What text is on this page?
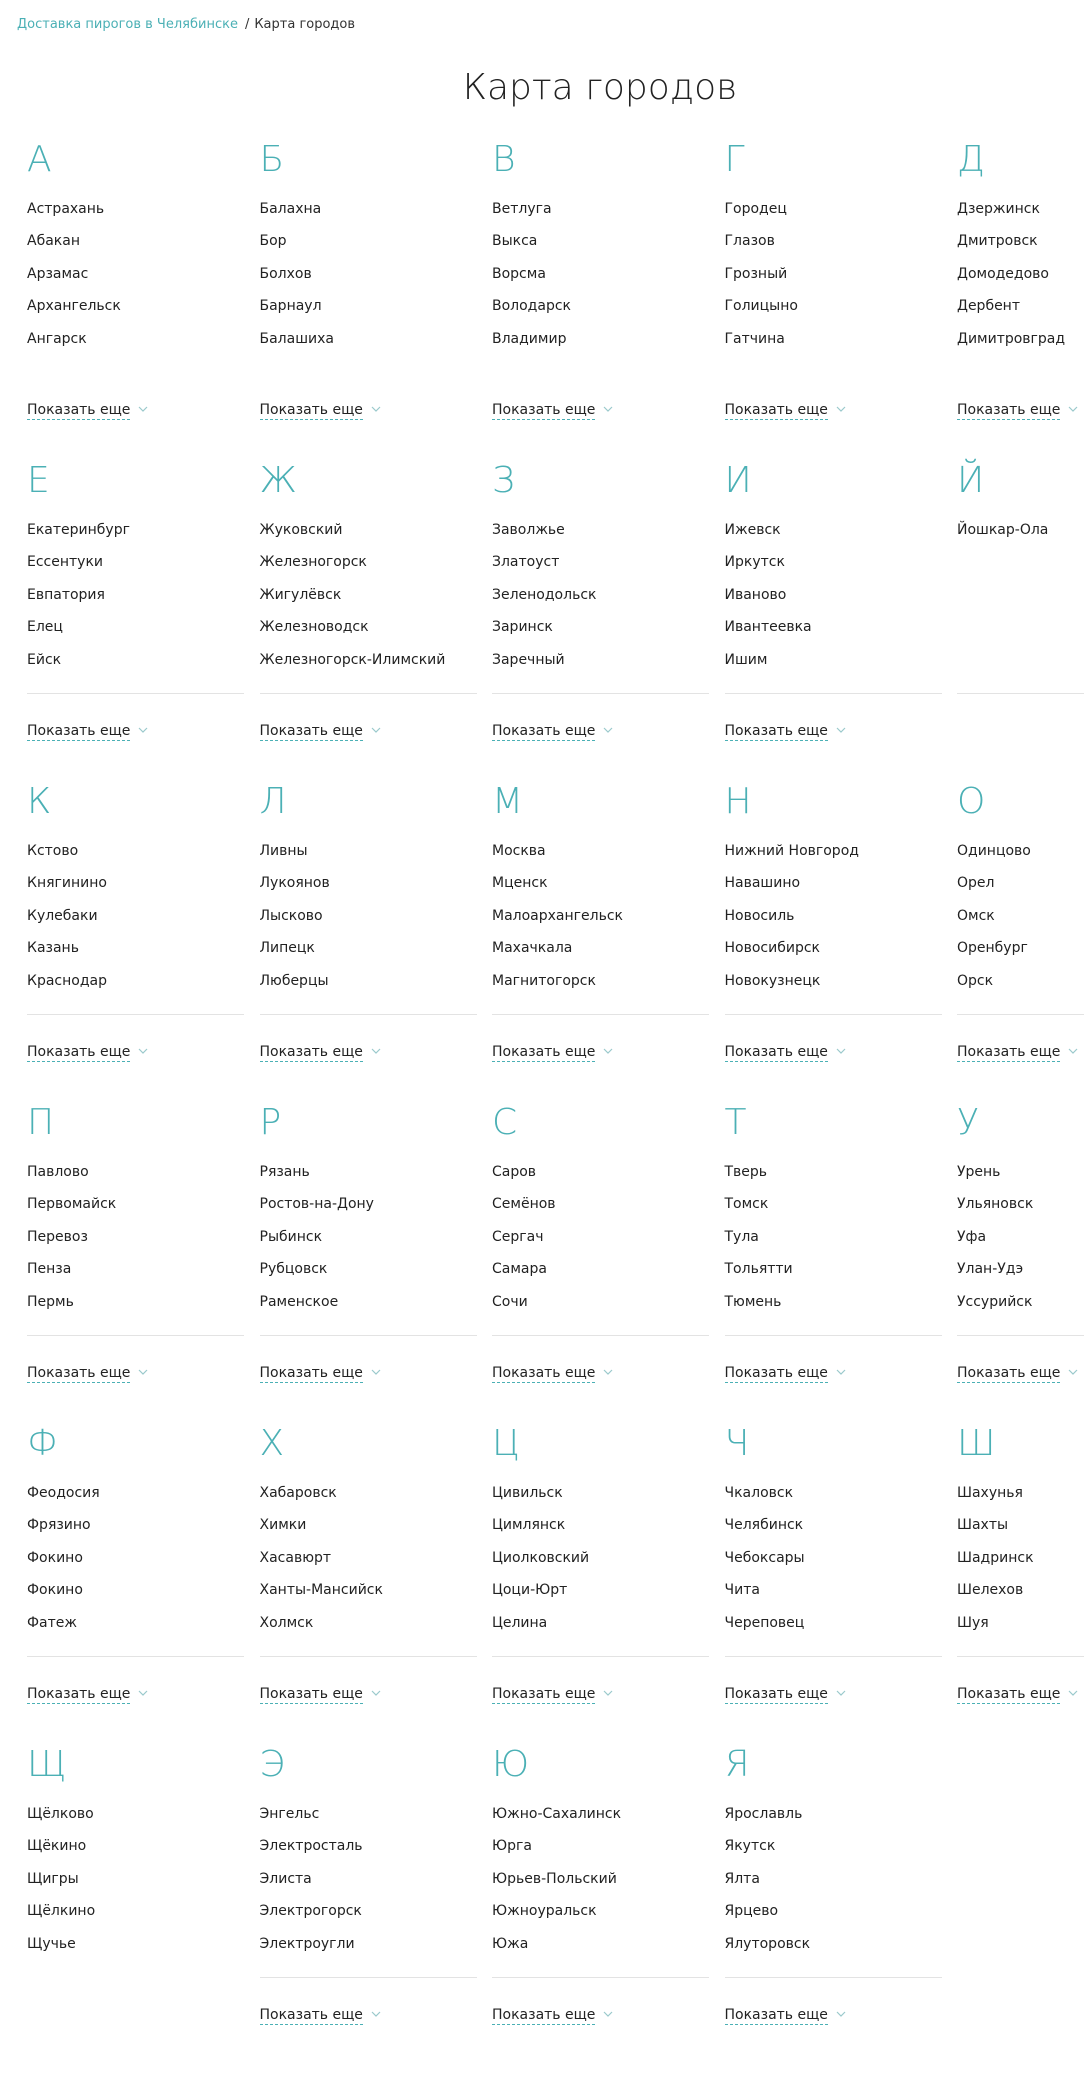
Доставка пирогов в Челябинске / Карта городов
Карта городов
А
Астрахань
Абакан
Арзамас
Архангельск
Ангарск
Показать еще
Б
Балахна
Бор
Болхов
Барнаул
Балашиха
Показать еще
В
Ветлуга
Выкса
Ворсма
Володарск
Владимир
Показать еще
Г
Городец
Глазов
Грозный
Голицыно
Гатчина
Показать еще
Д
Дзержинск
Дмитровск
Домодедово
Дербент
Димитровград
Показать еще
Е
Екатеринбург
Ессентуки
Евпатория
Елец
Ейск
Показать еще
Ж
Жуковский
Железногорск
Жигулёвск
Железноводск
Железногорск-Илимский
Показать еще
З
Заволжье
Златоуст
Зеленодольск
Заринск
Заречный
Показать еще
И
Ижевск
Иркутск
Иваново
Ивантеевка
Ишим
Показать еще
Й
Йошкар-Ола
К
Кстово
Княгинино
Кулебаки
Казань
Краснодар
Показать еще
Л
Ливны
Лукоянов
Лысково
Липецк
Люберцы
Показать еще
М
Москва
Мценск
Малоархангельск
Махачкала
Магнитогорск
Показать еще
Н
Нижний Новгород
Навашино
Новосиль
Новосибирск
Новокузнецк
Показать еще
О
Одинцово
Орел
Омск
Оренбург
Орск
Показать еще
П
Павлово
Первомайск
Перевоз
Пенза
Пермь
Показать еще
Р
Рязань
Ростов-на-Дону
Рыбинск
Рубцовск
Раменское
Показать еще
С
Саров
Семёнов
Сергач
Самара
Сочи
Показать еще
Т
Тверь
Томск
Тула
Тольятти
Тюмень
Показать еще
У
Урень
Ульяновск
Уфа
Улан-Удэ
Уссурийск
Показать еще
Ф
Феодосия
Фрязино
Фокино
Фокино
Фатеж
Показать еще
Х
Хабаровск
Химки
Хасавюрт
Ханты-Мансийск
Холмск
Показать еще
Ц
Цивильск
Цимлянск
Циолковский
Цоци-Юрт
Целина
Показать еще
Ч
Чкаловск
Челябинск
Чебоксары
Чита
Череповец
Показать еще
Ш
Шахунья
Шахты
Шадринск
Шелехов
Шуя
Показать еще
Щ
Щёлково
Щёкино
Щигры
Щёлкино
Щучье
Э
Энгельс
Электросталь
Элиста
Электрогорск
Электроугли
Показать еще
Ю
Южно-Сахалинск
Юрга
Юрьев-Польский
Южноуральск
Южа
Показать еще
Я
Ярославль
Якутск
Ялта
Ярцево
Ялуторовск
Показать еще
